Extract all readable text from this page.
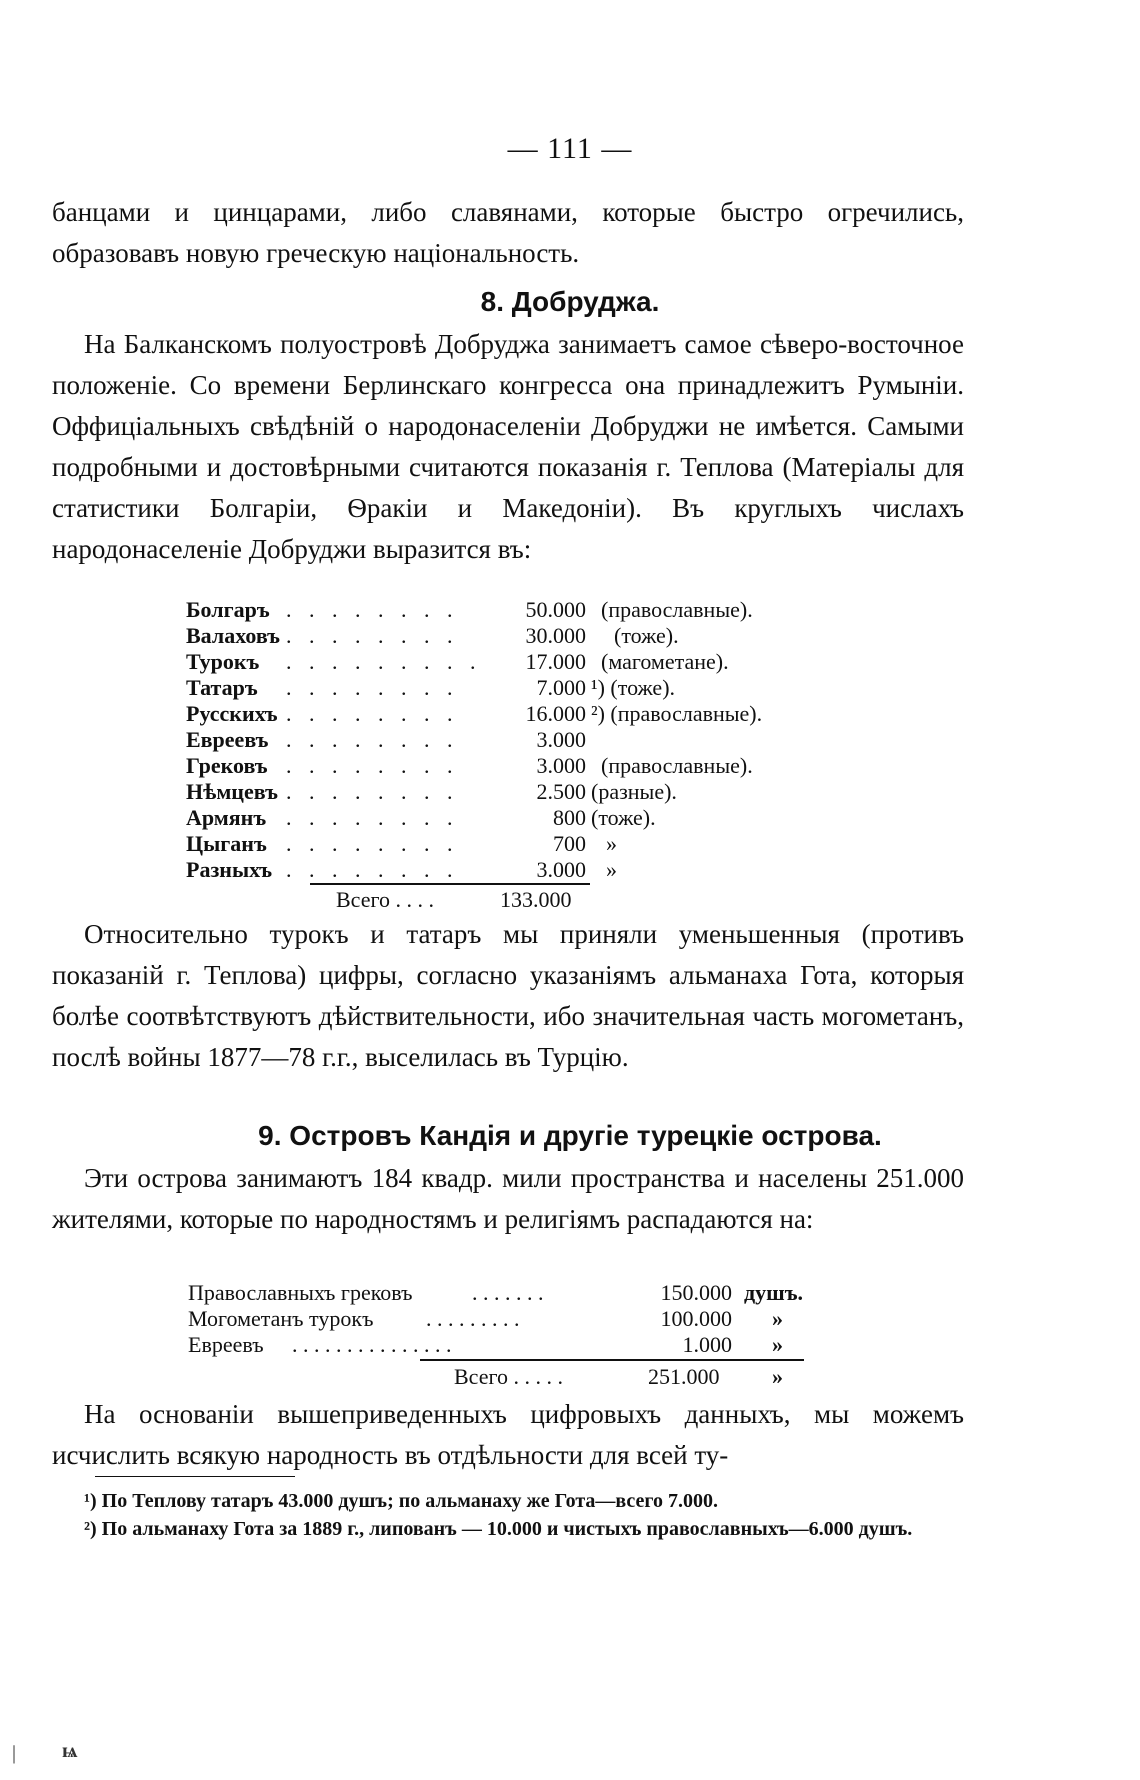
— 111 —

банцами и цинцарами, либо славянами, которые быстро огречились, образовавъ новую греческую національность.

8. Добруджа.

На Балканскомъ полуостровѣ Добруджа занимаетъ самое сѣверо-восточное положеніе. Со времени Берлинскаго конгресса она принадлежитъ Румыніи. Оффиціальныхъ свѣдѣній о народонаселеніи Добруджи не имѣется. Самыми подробными и достовѣрными считаются показанія г. Теплова (Матеріалы для статистики Болгаріи, Ѳракіи и Македоніи). Въ круглыхъ числахъ народонаселеніе Добруджи выразится въ:

Болгаръ . . . . . . . .	50.000 (православные).
Валаховъ . . . . . . . .	30.000 (тоже).
Турокъ . . . . . . . . . 17.000 (магометане).
Татаръ . . . . . . . .	7.000 ¹) (тоже).
Русскихъ . . . . . . . .	16.000 ²) (православные).
Евреевъ . . . . . . . .	3.000
Грековъ . . . . . . . .	3.000 (православные).
Нѣмцевъ . . . . . . . .	2.500 (разные).
Армянъ . . . . . . . .	800 (тоже).
Цыганъ . . . . . . . .	700 »
Разныхъ . . . . . . . .	3.000 »
Всего . . . .	133.000

Относительно турокъ и татаръ мы приняли уменьшенныя (противъ показаній г. Теплова) цифры, согласно указаніямъ альманаха Гота, которыя болѣе соотвѣтствуютъ дѣйствительности, ибо значительная часть могометанъ, послѣ войны 1877—78 г.г., выселилась въ Турцію.

9. Островъ Кандія и другіе турецкіе острова.

Эти острова занимаютъ 184 квадр. мили пространства и населены 251.000 жителями, которые по народностямъ и религіямъ распадаются на:

Православныхъ грековъ	. . . . . . .	150.000 душъ.
Могометанъ турокъ . . . . . . . . .	100.000 »
Евреевъ . . . . . . . . . . . . . . .	1.000 »
Всего . . . . .	251.000 »

На основаніи вышеприведенныхъ цифровыхъ данныхъ, мы можемъ исчислить всякую народность въ отдѣльности для всей ту-

¹) По Теплову татаръ 43.000 душъ; по альманаху же Гота—всего 7.000.

²) По альманаху Гота за 1889 г., липованъ — 10.000 и чистыхъ православныхъ—6.000 душъ.

| ѩ
